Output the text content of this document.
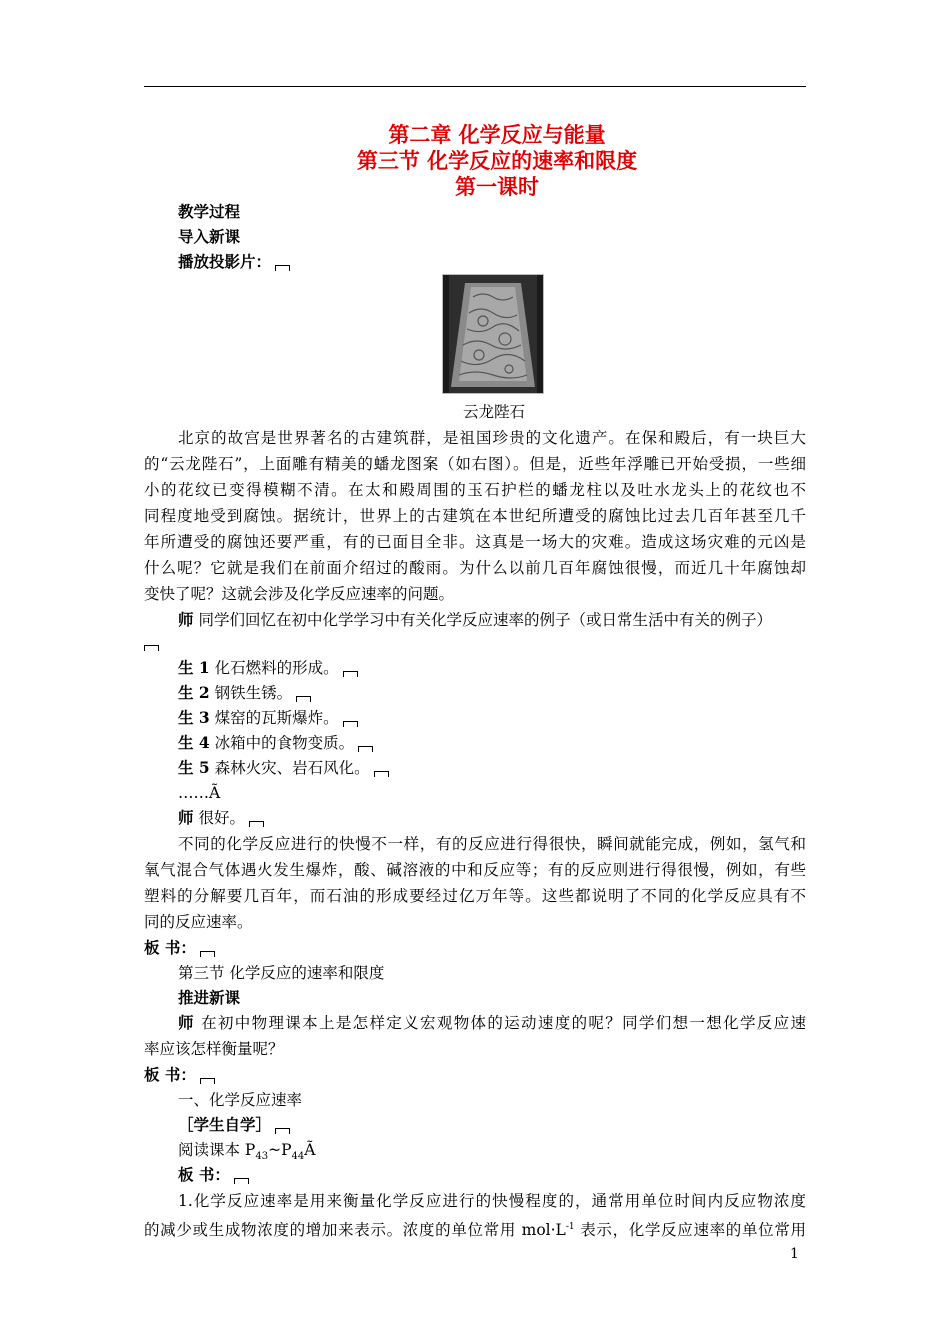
第二章 化学反应与能量
第三节 化学反应的速率和限度
第一课时
教学过程
导入新课
播放投影片：
云龙陛石
北京的故宫是世界著名的古建筑群，是祖国珍贵的文化遗产。在保和殿后，有一块巨大
的“云龙陛石”，上面雕有精美的蟠龙图案（如右图）。但是，近些年浮雕已开始受损，一些细
小的花纹已变得模糊不清。在太和殿周围的玉石护栏的蟠龙柱以及吐水龙头上的花纹也不
同程度地受到腐蚀。据统计，世界上的古建筑在本世纪所遭受的腐蚀比过去几百年甚至几千
年所遭受的腐蚀还要严重，有的已面目全非。这真是一场大的灾难。造成这场灾难的元凶是
什么呢？它就是我们在前面介绍过的酸雨。为什么以前几百年腐蚀很慢，而近几十年腐蚀却
变快了呢？这就会涉及化学反应速率的问题。
师 同学们回忆在初中化学学习中有关化学反应速率的例子（或日常生活中有关的例子）
生 1 化石燃料的形成。
生 2 钢铁生锈。
生 3 煤窑的瓦斯爆炸。
生 4 冰箱中的食物变质。
生 5 森林火灾、岩石风化。
……Ã
师 很好。
不同的化学反应进行的快慢不一样，有的反应进行得很快，瞬间就能完成，例如，氢气和
氧气混合气体遇火发生爆炸，酸、碱溶液的中和反应等；有的反应则进行得很慢，例如，有些
塑料的分解要几百年，而石油的形成要经过亿万年等。这些都说明了不同的化学反应具有不
同的反应速率。
板 书：
第三节 化学反应的速率和限度
推进新课
师 在初中物理课本上是怎样定义宏观物体的运动速度的呢？同学们想一想化学反应速
率应该怎样衡量呢？
板 书：
一、化学反应速率
［学生自学］
阅读课本 $P_{43}\sim P_{44}Ã$
板 书：
1.化学反应速率是用来衡量化学反应进行的快慢程度的，通常用单位时间内反应物浓度
的减少或生成物浓度的增加来表示。浓度的单位常用 $mol\cdot L^{-1}$ 表示，化学反应速率的单位常用
1
